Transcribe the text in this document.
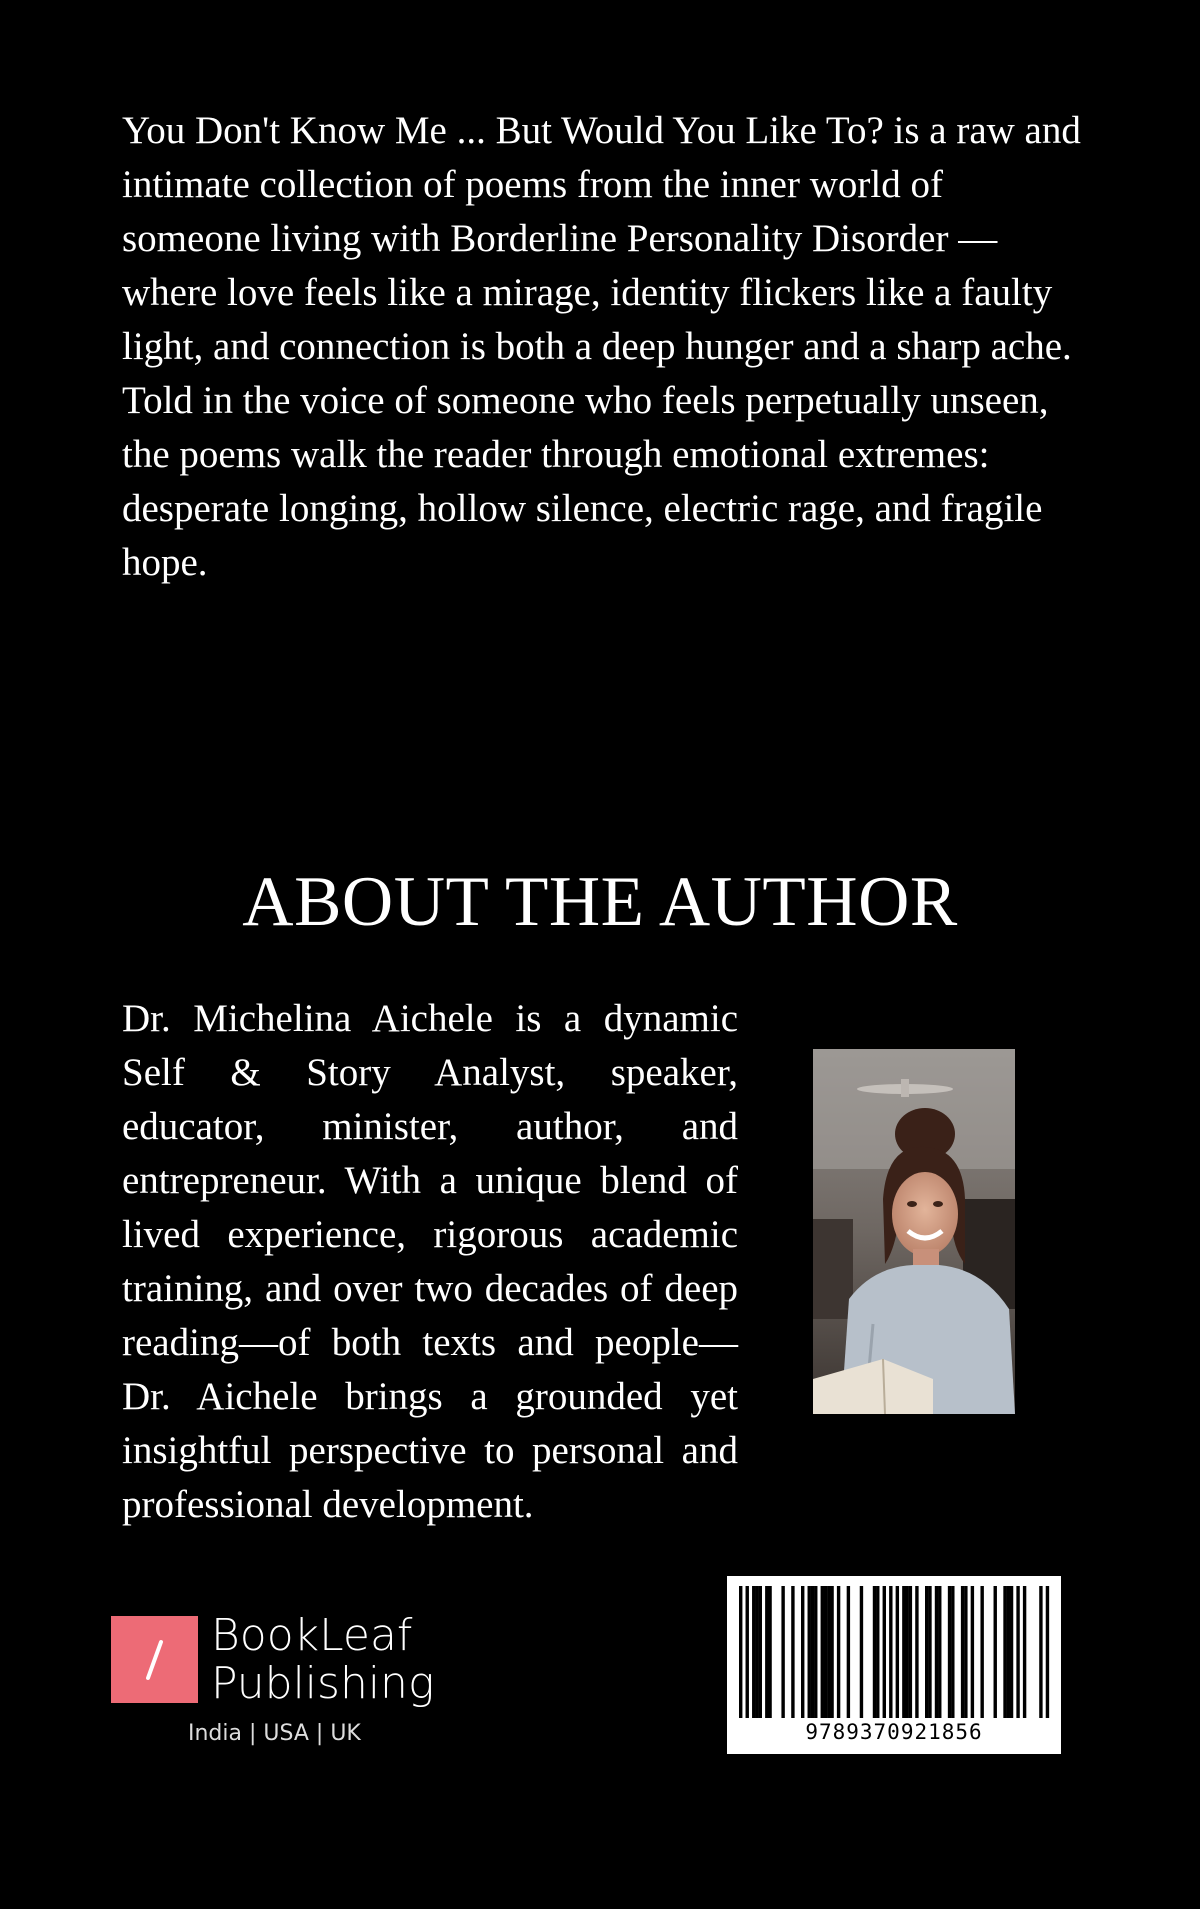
You Don't Know Me ... But Would You Like To? is a raw and intimate collection of poems from the inner world of someone living with Borderline Personality Disorder — where love feels like a mirage, identity flickers like a faulty light, and connection is both a deep hunger and a sharp ache. Told in the voice of someone who feels perpetually unseen, the poems walk the reader through emotional extremes: desperate longing, hollow silence, electric rage, and fragile hope.

ABOUT THE AUTHOR

Dr. Michelina Aichele is a dynamic Self & Story Analyst, speaker, educator, minister, author, and entrepreneur. With a unique blend of lived experience, rigorous academic training, and over two decades of deep reading—of both texts and people—Dr. Aichele brings a grounded yet insightful perspective to personal and professional development.

BookLeaf
Publishing
India | USA | UK	9789370921856
